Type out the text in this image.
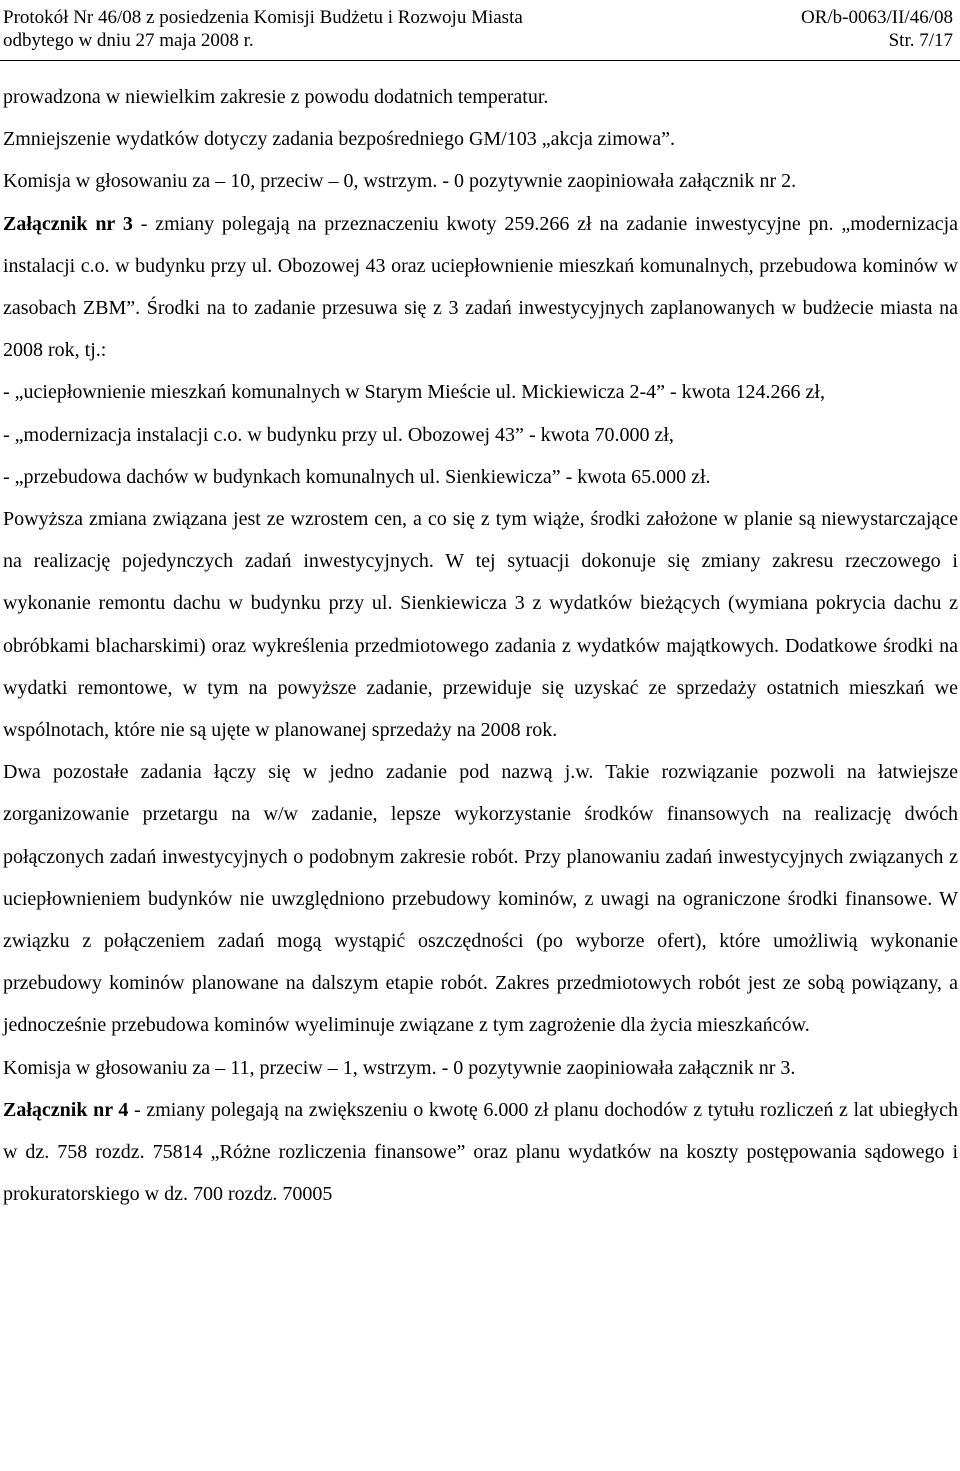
Protokół Nr 46/08 z posiedzenia Komisji Budżetu i Rozwoju Miasta	OR/b-0063/II/46/08
odbytego w dniu 27 maja 2008 r.	Str. 7/17

prowadzona w niewielkim zakresie z powodu dodatnich temperatur.

Zmniejszenie wydatków dotyczy zadania bezpośredniego GM/103 „akcja zimowa”.

Komisja w głosowaniu za – 10, przeciw – 0, wstrzym. - 0 pozytywnie zaopiniowała załącznik nr 2.

Załącznik nr 3 - zmiany polegają na przeznaczeniu kwoty 259.266 zł na zadanie inwestycyjne pn. „modernizacja instalacji c.o. w budynku przy ul. Obozowej 43 oraz uciepłownienie mieszkań komunalnych, przebudowa kominów w zasobach ZBM”. Środki na to zadanie przesuwa się z 3 zadań inwestycyjnych zaplanowanych w budżecie miasta na 2008 rok, tj.:

- „uciepłownienie mieszkań komunalnych w Starym Mieście ul. Mickiewicza 2-4” - kwota 124.266 zł,

- „modernizacja instalacji c.o. w budynku przy ul. Obozowej 43” - kwota 70.000 zł,

- „przebudowa dachów w budynkach komunalnych ul. Sienkiewicza” - kwota 65.000 zł.

Powyższa zmiana związana jest ze wzrostem cen, a co się z tym wiąże, środki założone w planie są niewystarczające na realizację pojedynczych zadań inwestycyjnych. W tej sytuacji dokonuje się zmiany zakresu rzeczowego i wykonanie remontu dachu w budynku przy ul. Sienkiewicza 3 z wydatków bieżących (wymiana pokrycia dachu z obróbkami blacharskimi) oraz wykreślenia przedmiotowego zadania z wydatków majątkowych. Dodatkowe środki na wydatki remontowe, w tym na powyższe zadanie, przewiduje się uzyskać ze sprzedaży ostatnich mieszkań we wspólnotach, które nie są ujęte w planowanej sprzedaży na 2008 rok.

Dwa pozostałe zadania łączy się w jedno zadanie pod nazwą j.w. Takie rozwiązanie pozwoli na łatwiejsze zorganizowanie przetargu na w/w zadanie, lepsze wykorzystanie środków finansowych na realizację dwóch połączonych zadań inwestycyjnych o podobnym zakresie robót. Przy planowaniu zadań inwestycyjnych związanych z uciepłownieniem budynków nie uwzględniono przebudowy kominów, z uwagi na ograniczone środki finansowe. W związku z połączeniem zadań mogą wystąpić oszczędności (po wyborze ofert), które umożliwią wykonanie przebudowy kominów planowane na dalszym etapie robót. Zakres przedmiotowych robót jest ze sobą powiązany, a jednocześnie przebudowa kominów wyeliminuje związane z tym zagrożenie dla życia mieszkańców.

Komisja w głosowaniu za – 11, przeciw – 1, wstrzym. - 0 pozytywnie zaopiniowała załącznik nr 3.

Załącznik nr 4 - zmiany polegają na zwiększeniu o kwotę 6.000 zł planu dochodów z tytułu rozliczeń z lat ubiegłych w dz. 758 rozdz. 75814 „Różne rozliczenia finansowe” oraz planu wydatków na koszty postępowania sądowego i prokuratorskiego w dz. 700 rozdz. 70005
